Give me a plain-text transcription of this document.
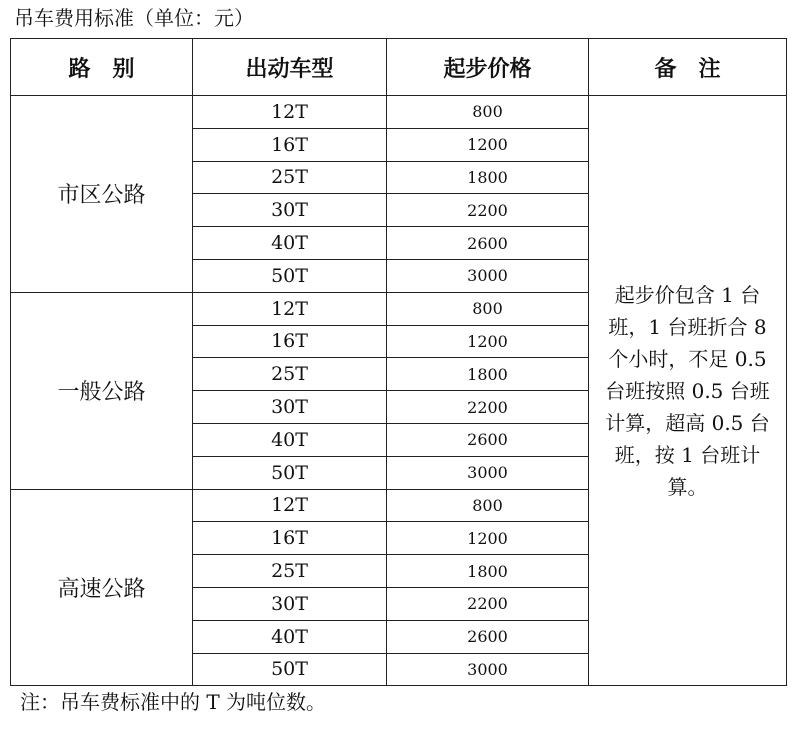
吊车费用标准（单位：元）
路　别	出动车型	起步价格	备　注
市区公路	12T	800	起步价包含 1 台班，1 台班折合 8 个小时，不足 0.5 台班按照 0.5 台班计算，超高 0.5 台班，按 1 台班计算。
	16T	1200	
	25T	1800	
	30T	2200	
	40T	2600	
	50T	3000	
一般公路	12T	800	
	16T	1200	
	25T	1800	
	30T	2200	
	40T	2600	
	50T	3000	
高速公路	12T	800	
	16T	1200	
	25T	1800	
	30T	2200	
	40T	2600	
	50T	3000	
注：吊车费标准中的 T 为吨位数。
